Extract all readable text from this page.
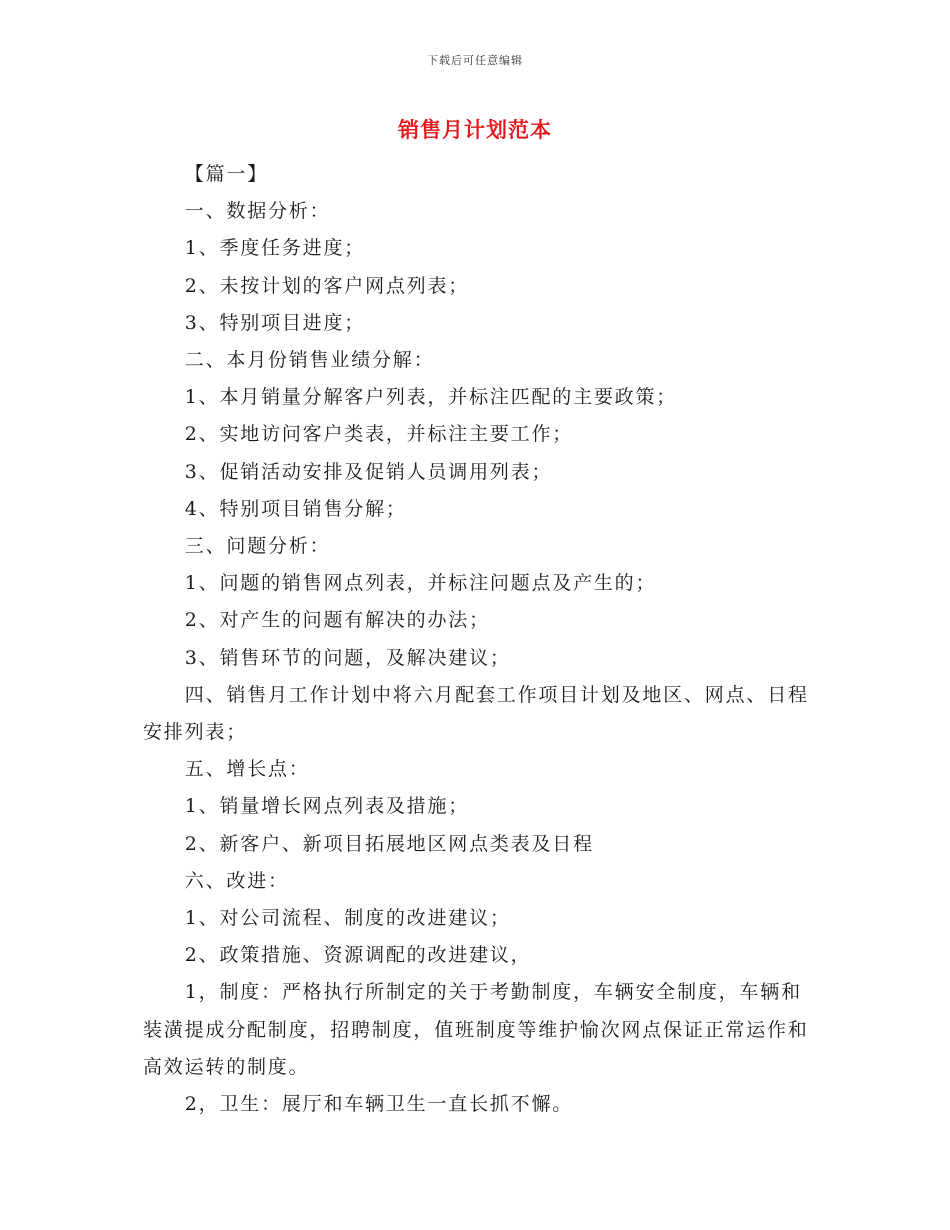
下载后可任意编辑
销售月计划范本

【篇一】

一、数据分析：

1、季度任务进度；

2、未按计划的客户网点列表；

3、特别项目进度；

二、本月份销售业绩分解：

1、本月销量分解客户列表，并标注匹配的主要政策；

2、实地访问客户类表，并标注主要工作；

3、促销活动安排及促销人员调用列表；

4、特别项目销售分解；

三、问题分析：

1、问题的销售网点列表，并标注问题点及产生的；

2、对产生的问题有解决的办法；

3、销售环节的问题，及解决建议；

四、销售月工作计划中将六月配套工作项目计划及地区、网点、日程安排列表；

五、增长点：

1、销量增长网点列表及措施；

2、新客户、新项目拓展地区网点类表及日程

六、改进：

1、对公司流程、制度的改进建议；

2、政策措施、资源调配的改进建议，

1，制度：严格执行所制定的关于考勤制度，车辆安全制度，车辆和装潢提成分配制度，招聘制度，值班制度等维护愉次网点保证正常运作和高效运转的制度。

2，卫生：展厅和车辆卫生一直长抓不懈。
